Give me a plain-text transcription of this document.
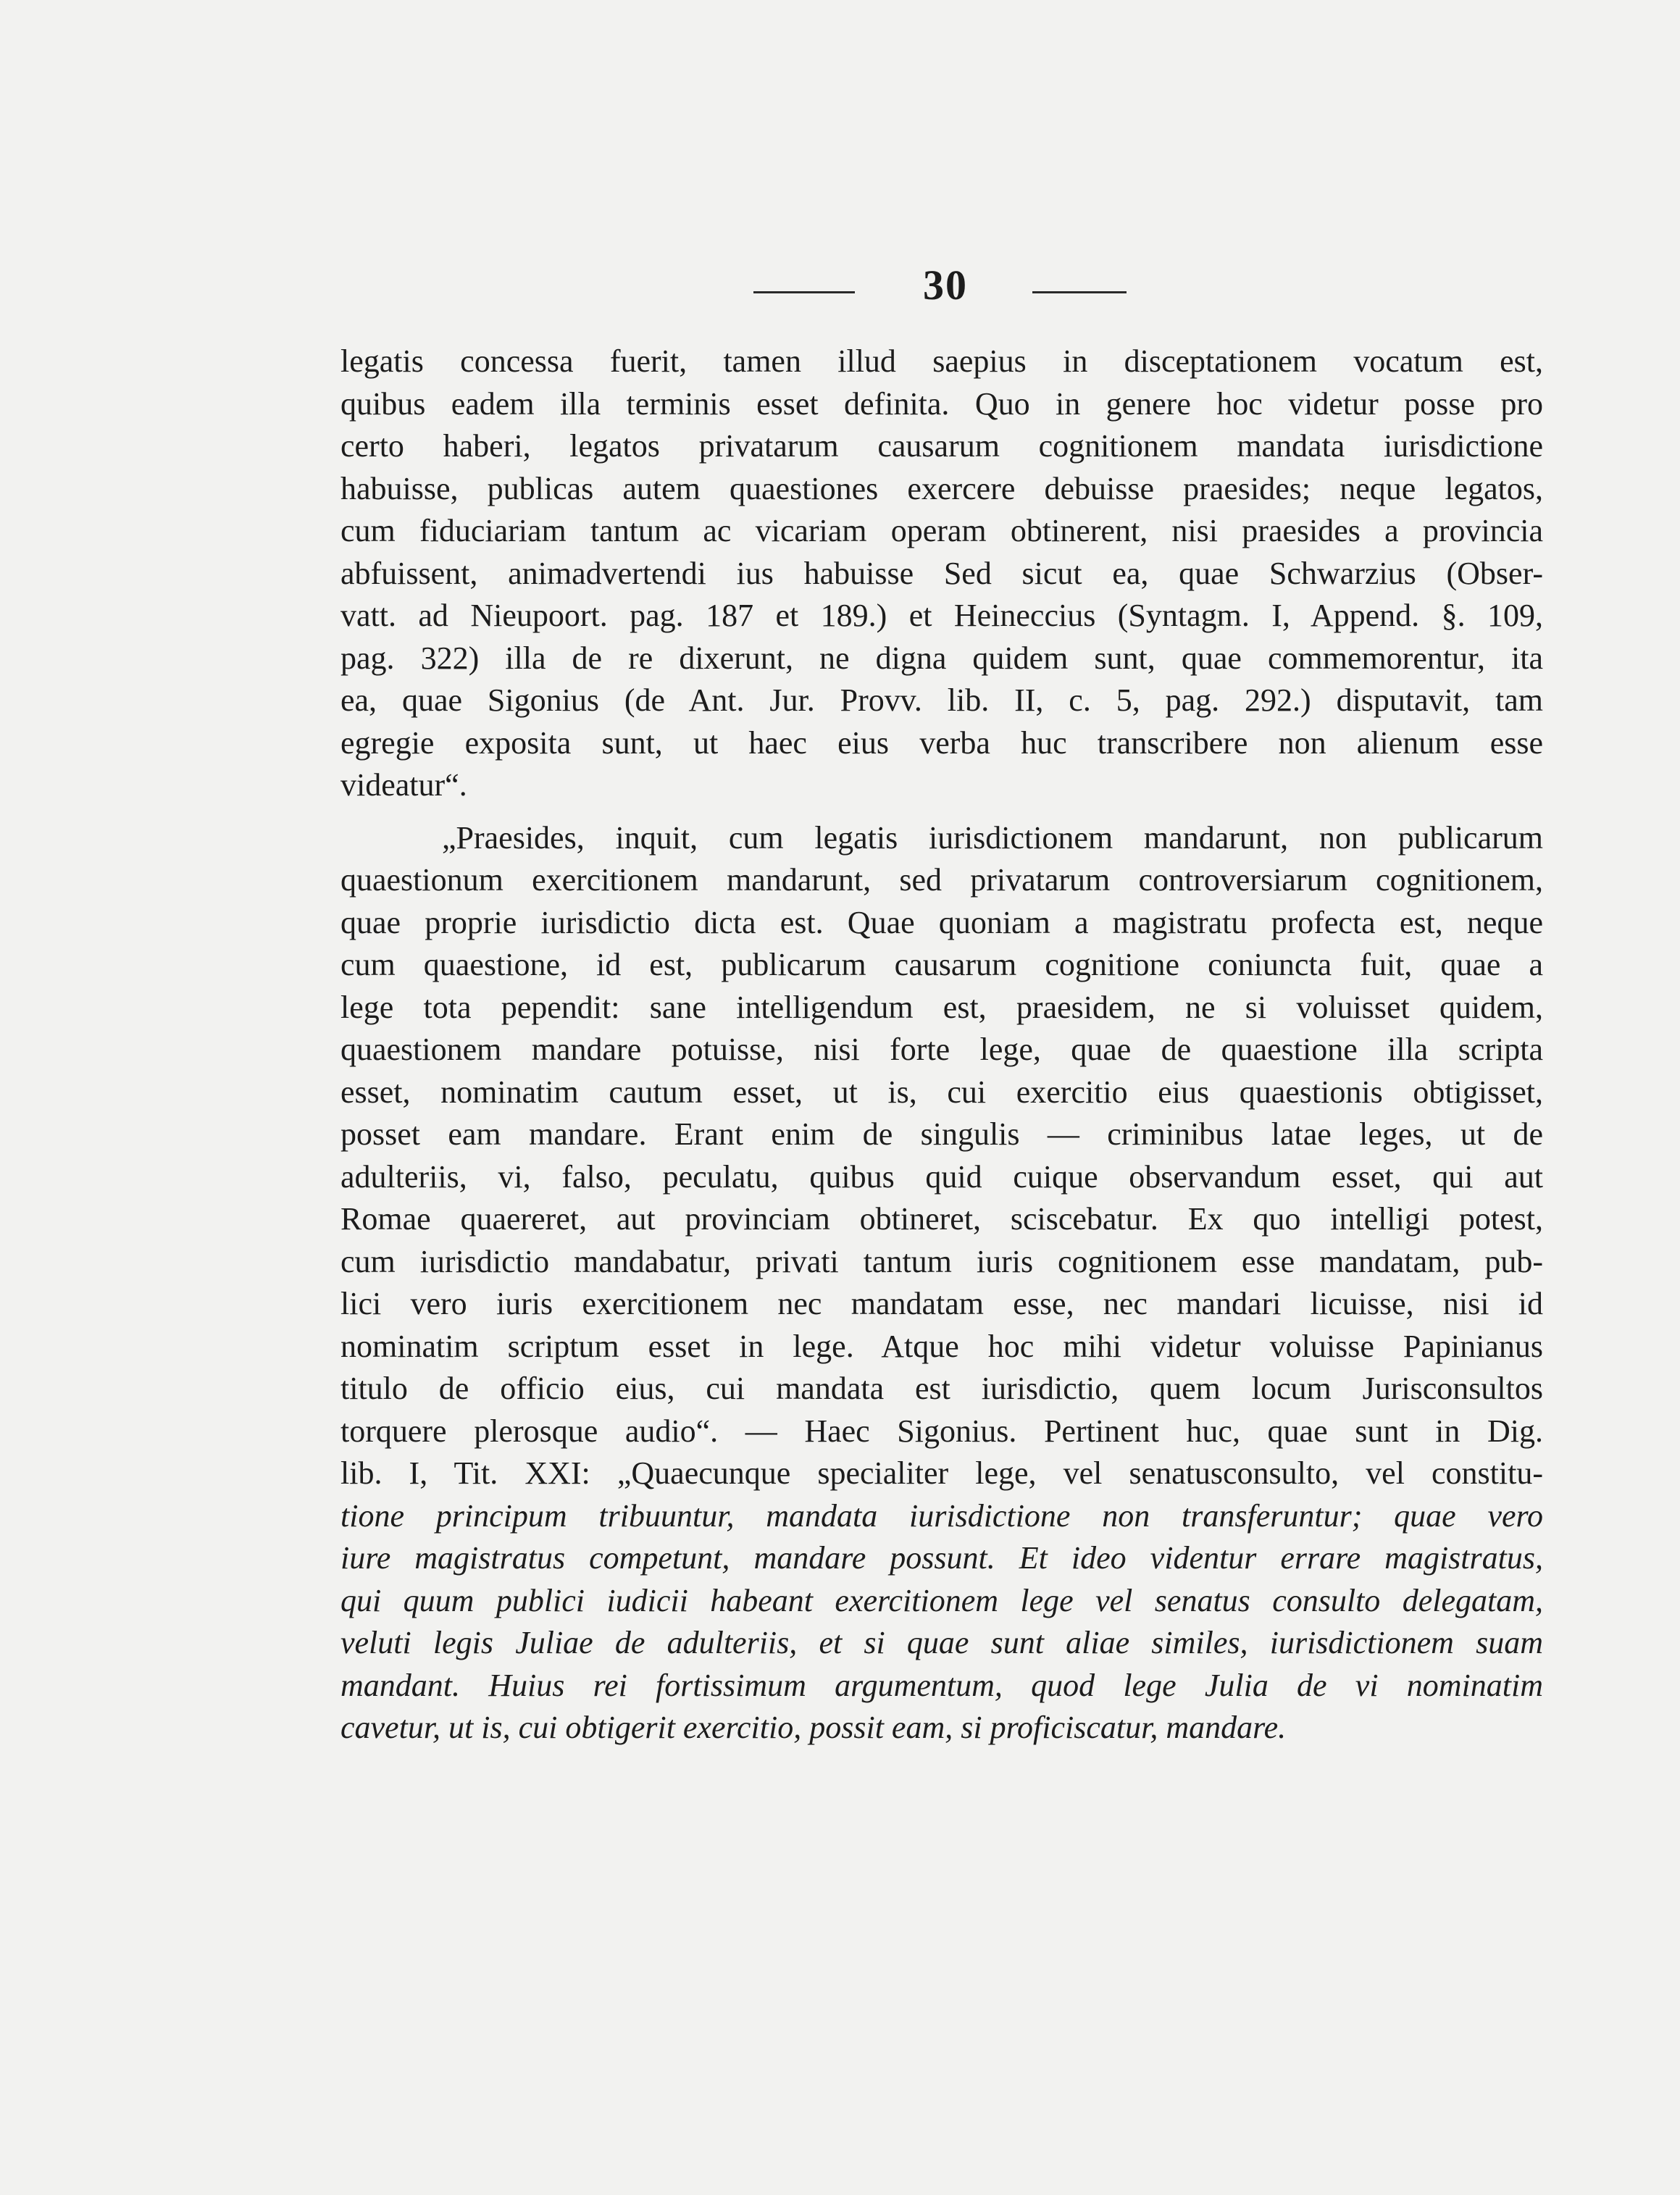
30
legatis concessa fuerit, tamen illud saepius in disceptationem vocatum est,
quibus eadem illa terminis esset definita. Quo in genere hoc videtur posse pro
certo haberi, legatos privatarum causarum cognitionem mandata iurisdictione
habuisse, publicas autem quaestiones exercere debuisse praesides; neque legatos,
cum fiduciariam tantum ac vicariam operam obtinerent, nisi praesides a provincia
abfuissent, animadvertendi ius habuisse Sed sicut ea, quae Schwarzius (Obser-
vatt. ad Nieupoort. pag. 187 et 189.) et Heineccius (Syntagm. I, Append. §. 109,
pag. 322) illa de re dixerunt, ne digna quidem sunt, quae commemorentur, ita
ea, quae Sigonius (de Ant. Jur. Provv. lib. II, c. 5, pag. 292.) disputavit, tam
egregie exposita sunt, ut haec eius verba huc transcribere non alienum esse
videatur“.
„Praesides, inquit, cum legatis iurisdictionem mandarunt, non publicarum
quaestionum exercitionem mandarunt, sed privatarum controversiarum cognitionem,
quae proprie iurisdictio dicta est. Quae quoniam a magistratu profecta est, neque
cum quaestione, id est, publicarum causarum cognitione coniuncta fuit, quae a
lege tota pependit: sane intelligendum est, praesidem, ne si voluisset quidem,
quaestionem mandare potuisse, nisi forte lege, quae de quaestione illa scripta
esset, nominatim cautum esset, ut is, cui exercitio eius quaestionis obtigisset,
posset eam mandare. Erant enim de singulis — criminibus latae leges, ut de
adulteriis, vi, falso, peculatu, quibus quid cuique observandum esset, qui aut
Romae quaereret, aut provinciam obtineret, sciscebatur. Ex quo intelligi potest,
cum iurisdictio mandabatur, privati tantum iuris cognitionem esse mandatam, pub-
lici vero iuris exercitionem nec mandatam esse, nec mandari licuisse, nisi id
nominatim scriptum esset in lege. Atque hoc mihi videtur voluisse Papinianus
titulo de officio eius, cui mandata est iurisdictio, quem locum Jurisconsultos
torquere plerosque audio“. — Haec Sigonius. Pertinent huc, quae sunt in Dig.
lib. I, Tit. XXI: „Quaecunque specialiter lege, vel senatusconsulto, vel constitu-
tione principum tribuuntur, mandata iurisdictione non transferuntur; quae vero
iure magistratus competunt, mandare possunt. Et ideo videntur errare magistratus,
qui quum publici iudicii habeant exercitionem lege vel senatus consulto delegatam,
veluti legis Juliae de adulteriis, et si quae sunt aliae similes, iurisdictionem suam
mandant. Huius rei fortissimum argumentum, quod lege Julia de vi nominatim
cavetur, ut is, cui obtigerit exercitio, possit eam, si proficiscatur, mandare.
